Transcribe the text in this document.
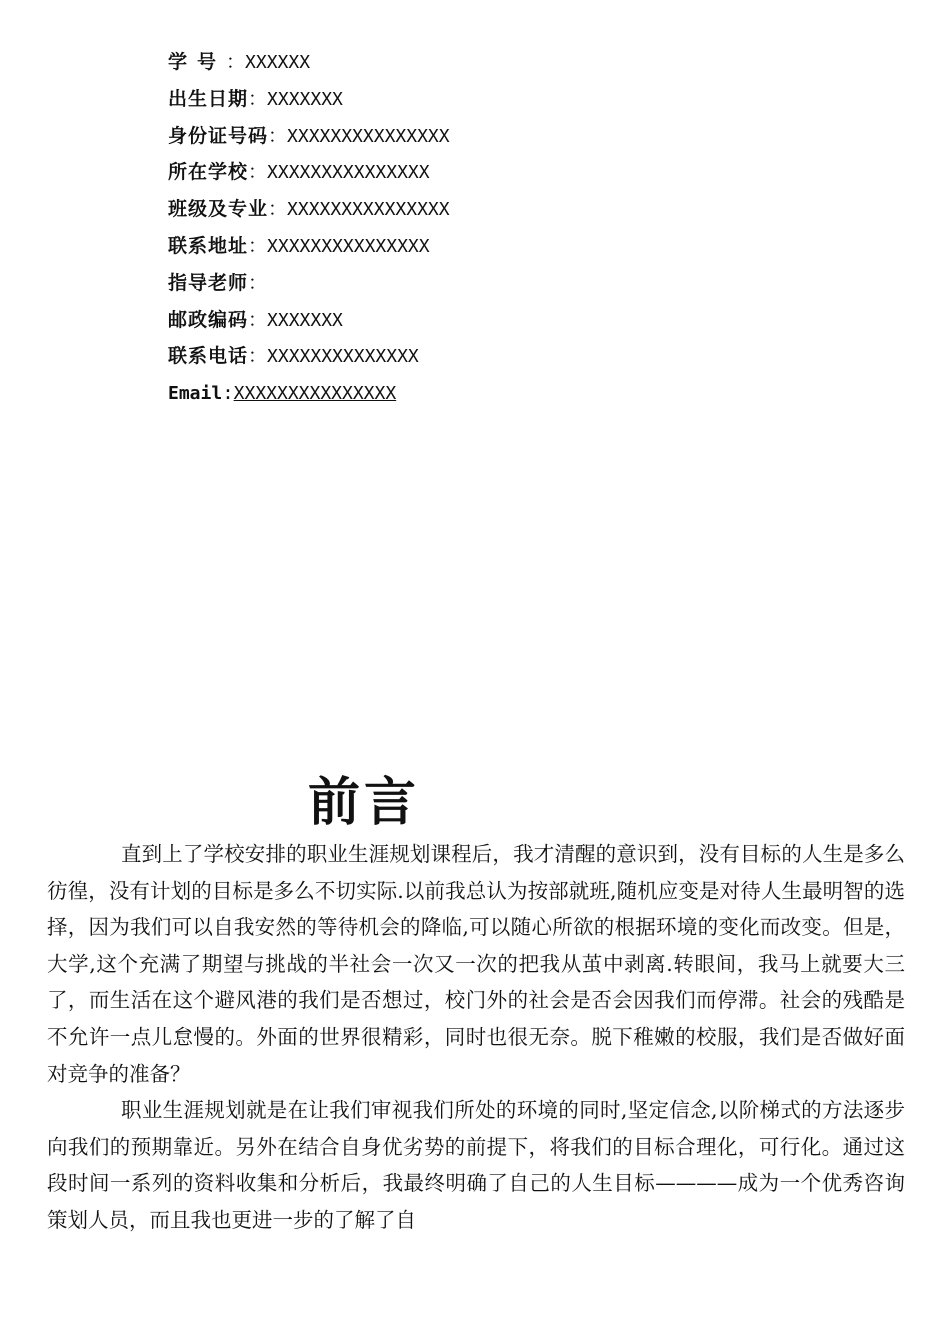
学号：XXXXXX
出生日期：XXXXXXX
身份证号码：XXXXXXXXXXXXXXX
所在学校：XXXXXXXXXXXXXXX
班级及专业：XXXXXXXXXXXXXXX
联系地址：XXXXXXXXXXXXXXX
指导老师：
邮政编码：XXXXXXX
联系电话：XXXXXXXXXXXXXX
Email:XXXXXXXXXXXXXXX
前言

直到上了学校安排的职业生涯规划课程后，我才清醒的意识到，没有目标的人生是多么彷徨，没有计划的目标是多么不切实际.以前我总认为按部就班,随机应变是对待人生最明智的选择，因为我们可以自我安然的等待机会的降临,可以随心所欲的根据环境的变化而改变。但是，大学,这个充满了期望与挑战的半社会一次又一次的把我从茧中剥离.转眼间，我马上就要大三了，而生活在这个避风港的我们是否想过，校门外的社会是否会因我们而停滞。社会的残酷是不允许一点儿怠慢的。外面的世界很精彩，同时也很无奈。脱下稚嫩的校服，我们是否做好面对竞争的准备？

职业生涯规划就是在让我们审视我们所处的环境的同时,坚定信念,以阶梯式的方法逐步向我们的预期靠近。另外在结合自身优劣势的前提下，将我们的目标合理化，可行化。通过这段时间一系列的资料收集和分析后，我最终明确了自己的人生目标————成为一个优秀咨询策划人员，而且我也更进一步的了解了自
